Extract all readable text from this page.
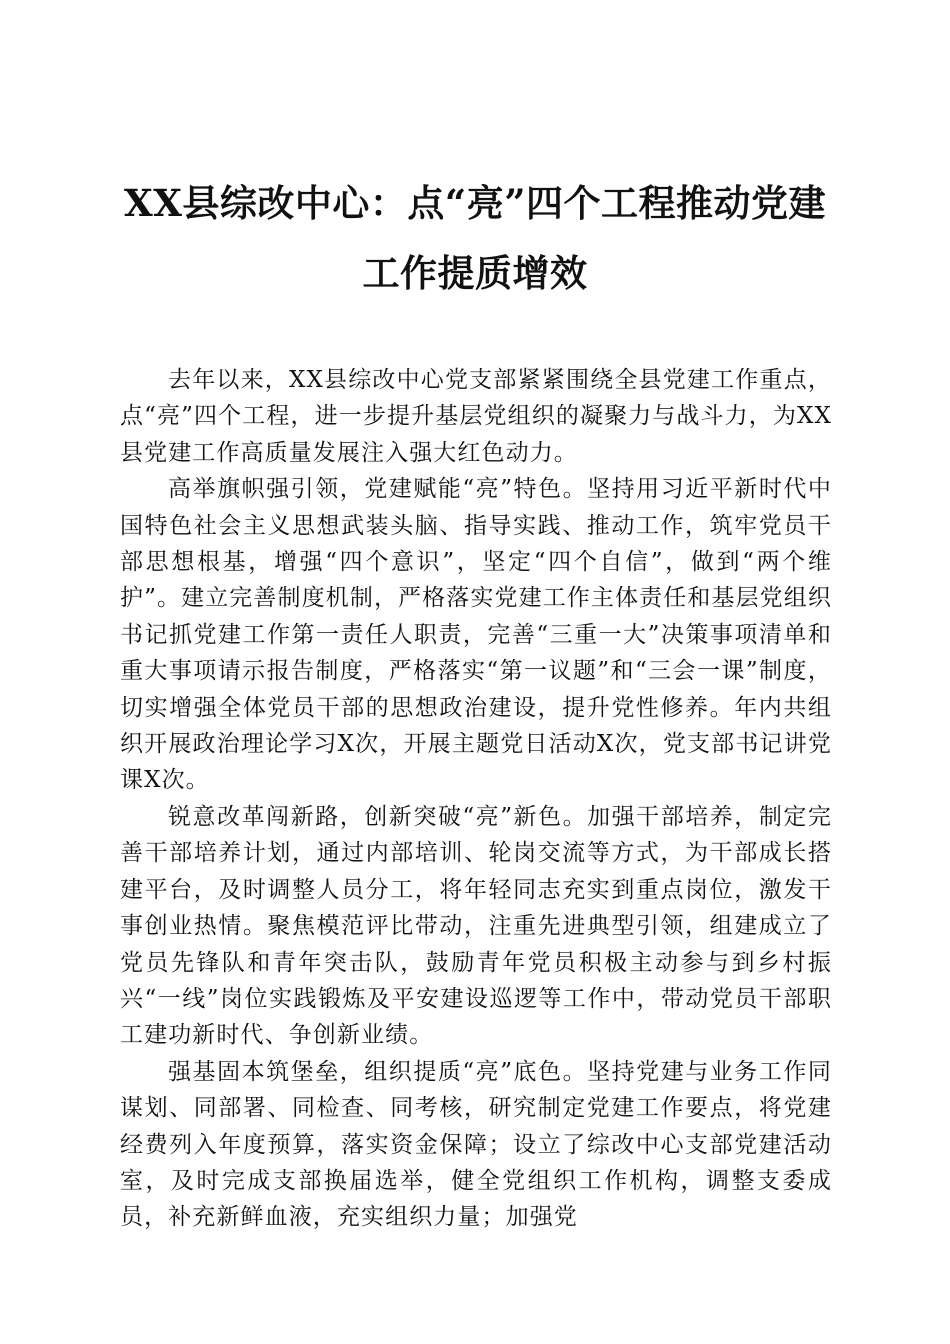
XX县综改中心：点“亮”四个工程推动党建
工作提质增效

去年以来，XX县综改中心党支部紧紧围绕全县党建工作重点，点“亮”四个工程，进一步提升基层党组织的凝聚力与战斗力，为XX县党建工作高质量发展注入强大红色动力。

高举旗帜强引领，党建赋能“亮”特色。坚持用习近平新时代中国特色社会主义思想武装头脑、指导实践、推动工作，筑牢党员干部思想根基，增强“四个意识”，坚定“四个自信”，做到“两个维护”。建立完善制度机制，严格落实党建工作主体责任和基层党组织书记抓党建工作第一责任人职责，完善“三重一大”决策事项清单和重大事项请示报告制度，严格落实“第一议题”和“三会一课”制度，切实增强全体党员干部的思想政治建设，提升党性修养。年内共组织开展政治理论学习X次，开展主题党日活动X次，党支部书记讲党课X次。

锐意改革闯新路，创新突破“亮”新色。加强干部培养，制定完善干部培养计划，通过内部培训、轮岗交流等方式，为干部成长搭建平台，及时调整人员分工，将年轻同志充实到重点岗位，激发干事创业热情。聚焦模范评比带动，注重先进典型引领，组建成立了党员先锋队和青年突击队，鼓励青年党员积极主动参与到乡村振兴“一线”岗位实践锻炼及平安建设巡逻等工作中，带动党员干部职工建功新时代、争创新业绩。

强基固本筑堡垒，组织提质“亮”底色。坚持党建与业务工作同谋划、同部署、同检查、同考核，研究制定党建工作要点，将党建经费列入年度预算，落实资金保障；设立了综改中心支部党建活动室，及时完成支部换届选举，健全党组织工作机构，调整支委成员，补充新鲜血液，充实组织力量；加强党
